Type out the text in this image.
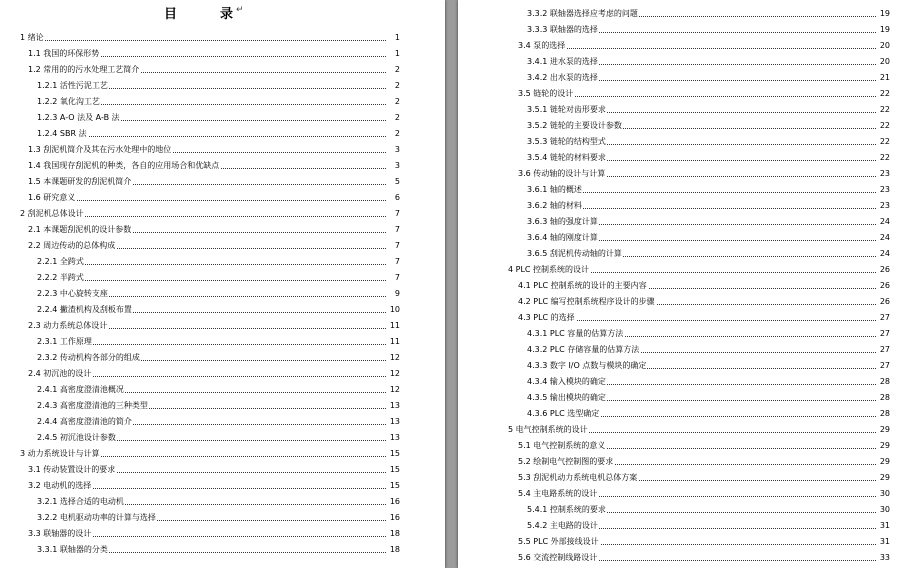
目	录 ↵
1 绪论	1
1.1 我国的环保形势	1
1.2 常用的的污水处理工艺简介	2
1.2.1 活性污泥工艺	2
1.2.2 氧化沟工艺	2
1.2.3 A-O 法及 A-B 法	2
1.2.4 SBR 法	2
1.3 刮泥机简介及其在污水处理中的地位	3
1.4 我国现存刮泥机的种类，各自的应用场合和优缺点	3
1.5 本课题研发的刮泥机简介	5
1.6 研究意义	6
2 刮泥机总体设计	7
2.1 本课题刮泥机的设计参数	7
2.2 周边传动的总体构成	7
2.2.1 全跨式	7
2.2.2 半跨式	7
2.2.3 中心旋转支座	9
2.2.4 撇渣机构及刮板布置	10
2.3 动力系统总体设计	11
2.3.1 工作原理	11
2.3.2 传动机构各部分的组成	12
2.4 初沉池的设计	12
2.4.1 高密度澄清池概况	12
2.4.3 高密度澄清池的三种类型	13
2.4.4 高密度澄清池的简介	13
2.4.5 初沉池设计参数	13
3 动力系统设计与计算	15
3.1 传动装置设计的要求	15
3.2 电动机的选择	15
3.2.1 选择合适的电动机	16
3.2.2 电机驱动功率的计算与选择	16
3.3 联轴器的设计	18
3.3.1 联轴器的分类	18
3.3.2 联轴器选择应考虑的问题	19
3.3.3 联轴器的选择	19
3.4 泵的选择	20
3.4.1 进水泵的选择	20
3.4.2 出水泵的选择	21
3.5 链轮的设计	22
3.5.1 链轮对齿形要求	22
3.5.2 链轮的主要设计参数	22
3.5.3 链轮的结构型式	22
3.5.4 链轮的材料要求	22
3.6 传动轴的设计与计算	23
3.6.1 轴的概述	23
3.6.2 轴的材料	23
3.6.3 轴的强度计算	24
3.6.4 轴的刚度计算	24
3.6.5 刮泥机传动轴的计算	24
4 PLC 控制系统的设计	26
4.1 PLC 控制系统的设计的主要内容	26
4.2 PLC 编写控制系统程序设计的步骤	26
4.3 PLC 的选择	27
4.3.1 PLC 容量的估算方法	27
4.3.2 PLC 存储容量的估算方法	27
4.3.3 数字 I/O 点数与模块的确定	27
4.3.4 输入模块的确定	28
4.3.5 输出模块的确定	28
4.3.6 PLC 选型确定	28
5 电气控制系统的设计	29
5.1 电气控制系统的意义	29
5.2 绘制电气控制图的要求	29
5.3 刮泥机动力系统电机总体方案	29
5.4 主电路系统的设计	30
5.4.1 控制系统的要求	30
5.4.2 主电路的设计	31
5.5 PLC 外部接线设计	31
5.6 交流控制线路设计	33
